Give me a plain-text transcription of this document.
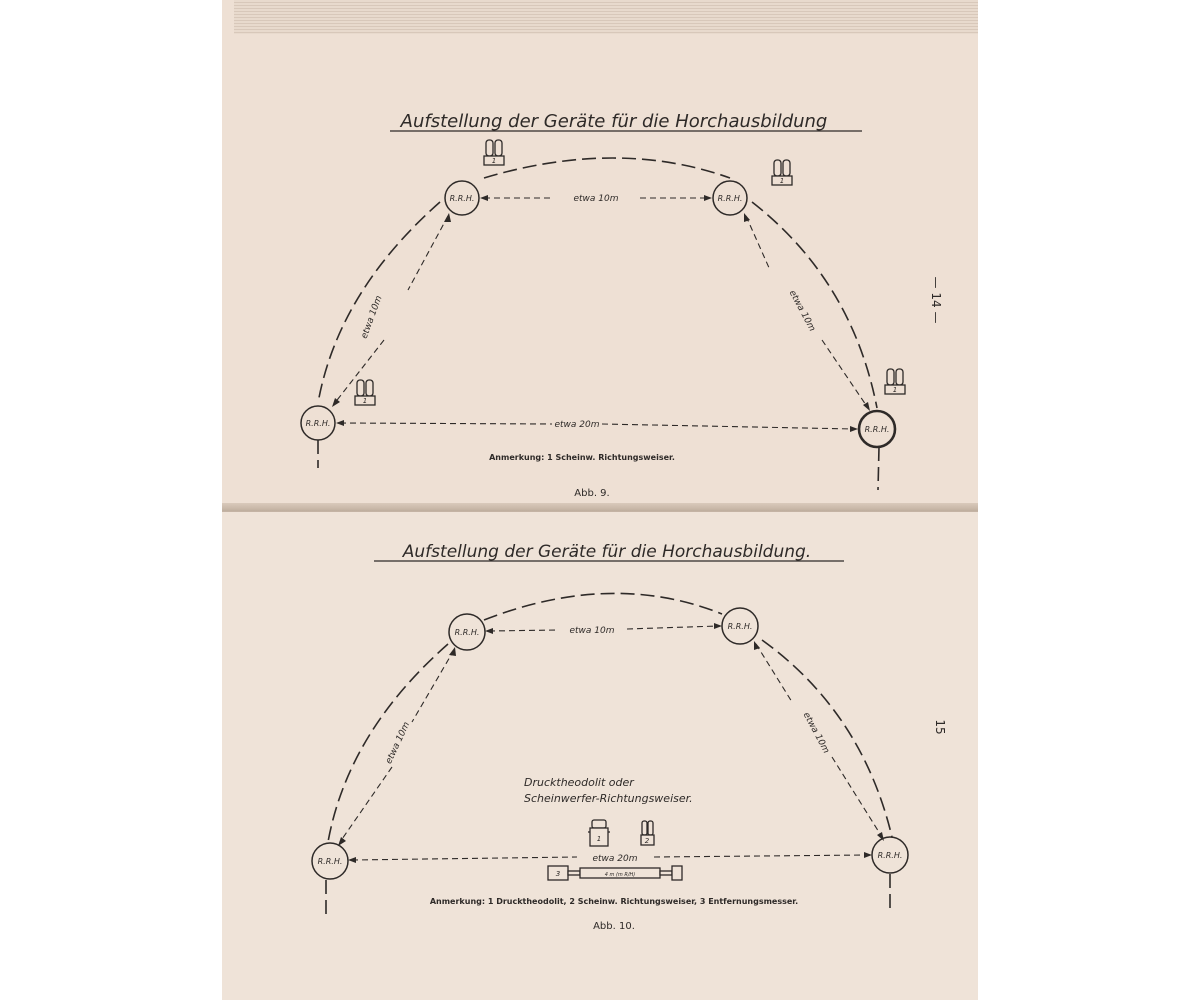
Aufstellung der Geräte für die Horchausbildung
R.R.H.	R.R.H.
R.R.H.
R.R.H.
etwa 10m
etwa 20m
etwa 10m	etwa 10m
1
1
1
1
Anmerkung: 1 Scheinw. Richtungsweiser.
Abb. 9.
— 14 —
Aufstellung der Geräte für die Horchausbildung.
R.R.H.
R.R.H.
R.R.H.
R.R.H.
etwa 10m
etwa 20m
etwa 10m	etwa 10m
Drucktheodolit oder
Scheinwerfer-Richtungsweiser.
1	2
3	4 m (m R/H)
Anmerkung: 1 Drucktheodolit, 2 Scheinw. Richtungsweiser, 3 Entfernungsmesser.
Abb. 10.
15
